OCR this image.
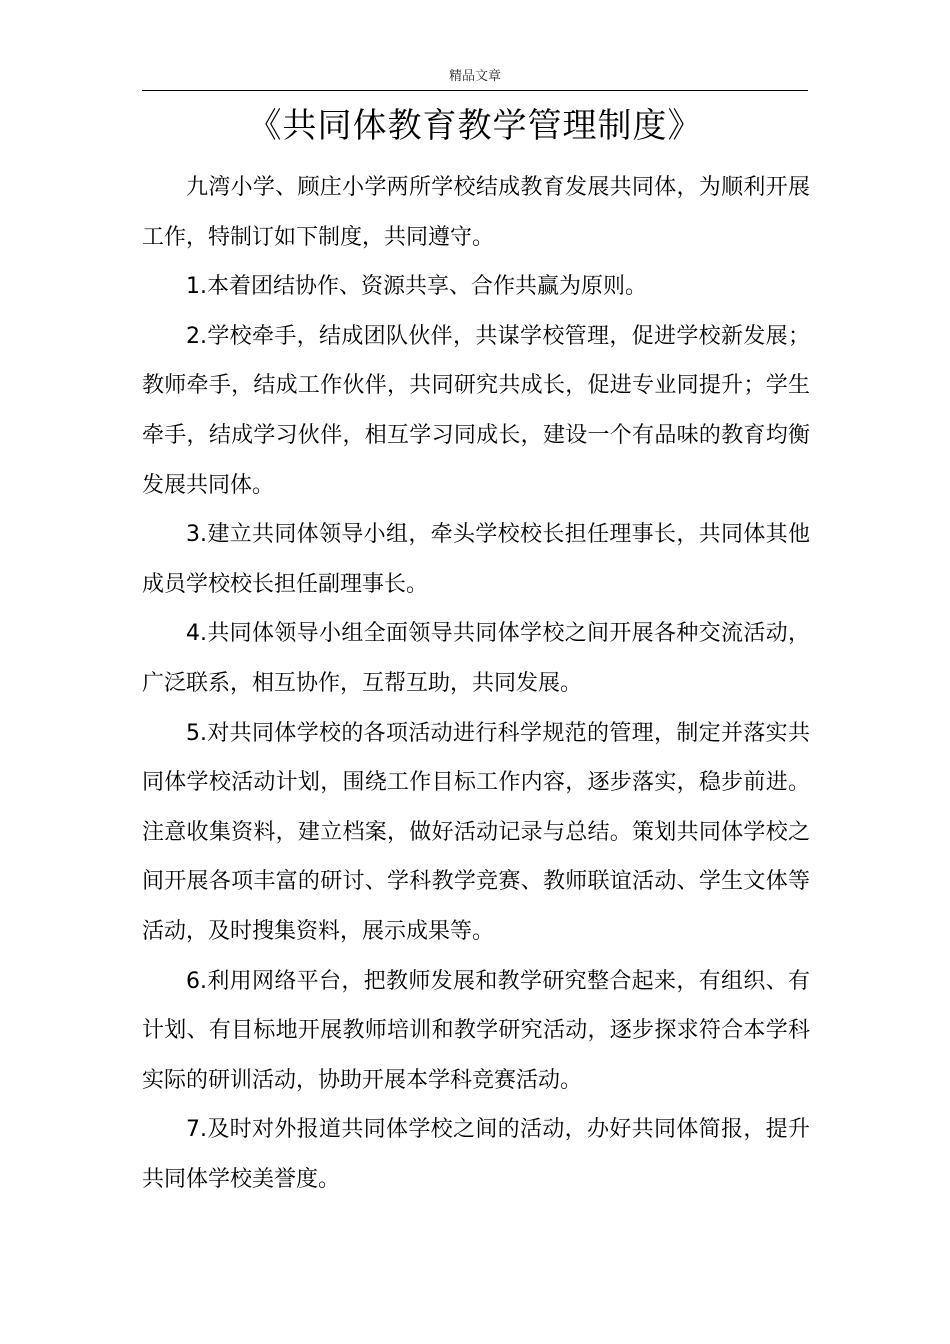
精品文章
《共同体教育教学管理制度》

九湾小学、顾庄小学两所学校结成教育发展共同体，为顺利开展工作，特制订如下制度，共同遵守。

1.本着团结协作、资源共享、合作共赢为原则。

2.学校牵手，结成团队伙伴，共谋学校管理，促进学校新发展；教师牵手，结成工作伙伴，共同研究共成长，促进专业同提升；学生牵手，结成学习伙伴，相互学习同成长，建设一个有品味的教育均衡发展共同体。

3.建立共同体领导小组，牵头学校校长担任理事长，共同体其他成员学校校长担任副理事长。

4.共同体领导小组全面领导共同体学校之间开展各种交流活动，广泛联系，相互协作，互帮互助，共同发展。

5.对共同体学校的各项活动进行科学规范的管理，制定并落实共同体学校活动计划，围绕工作目标工作内容，逐步落实，稳步前进。注意收集资料，建立档案，做好活动记录与总结。策划共同体学校之间开展各项丰富的研讨、学科教学竞赛、教师联谊活动、学生文体等活动，及时搜集资料，展示成果等。

6.利用网络平台，把教师发展和教学研究整合起来，有组织、有计划、有目标地开展教师培训和教学研究活动，逐步探求符合本学科实际的研训活动，协助开展本学科竞赛活动。

7.及时对外报道共同体学校之间的活动，办好共同体简报，提升共同体学校美誉度。
